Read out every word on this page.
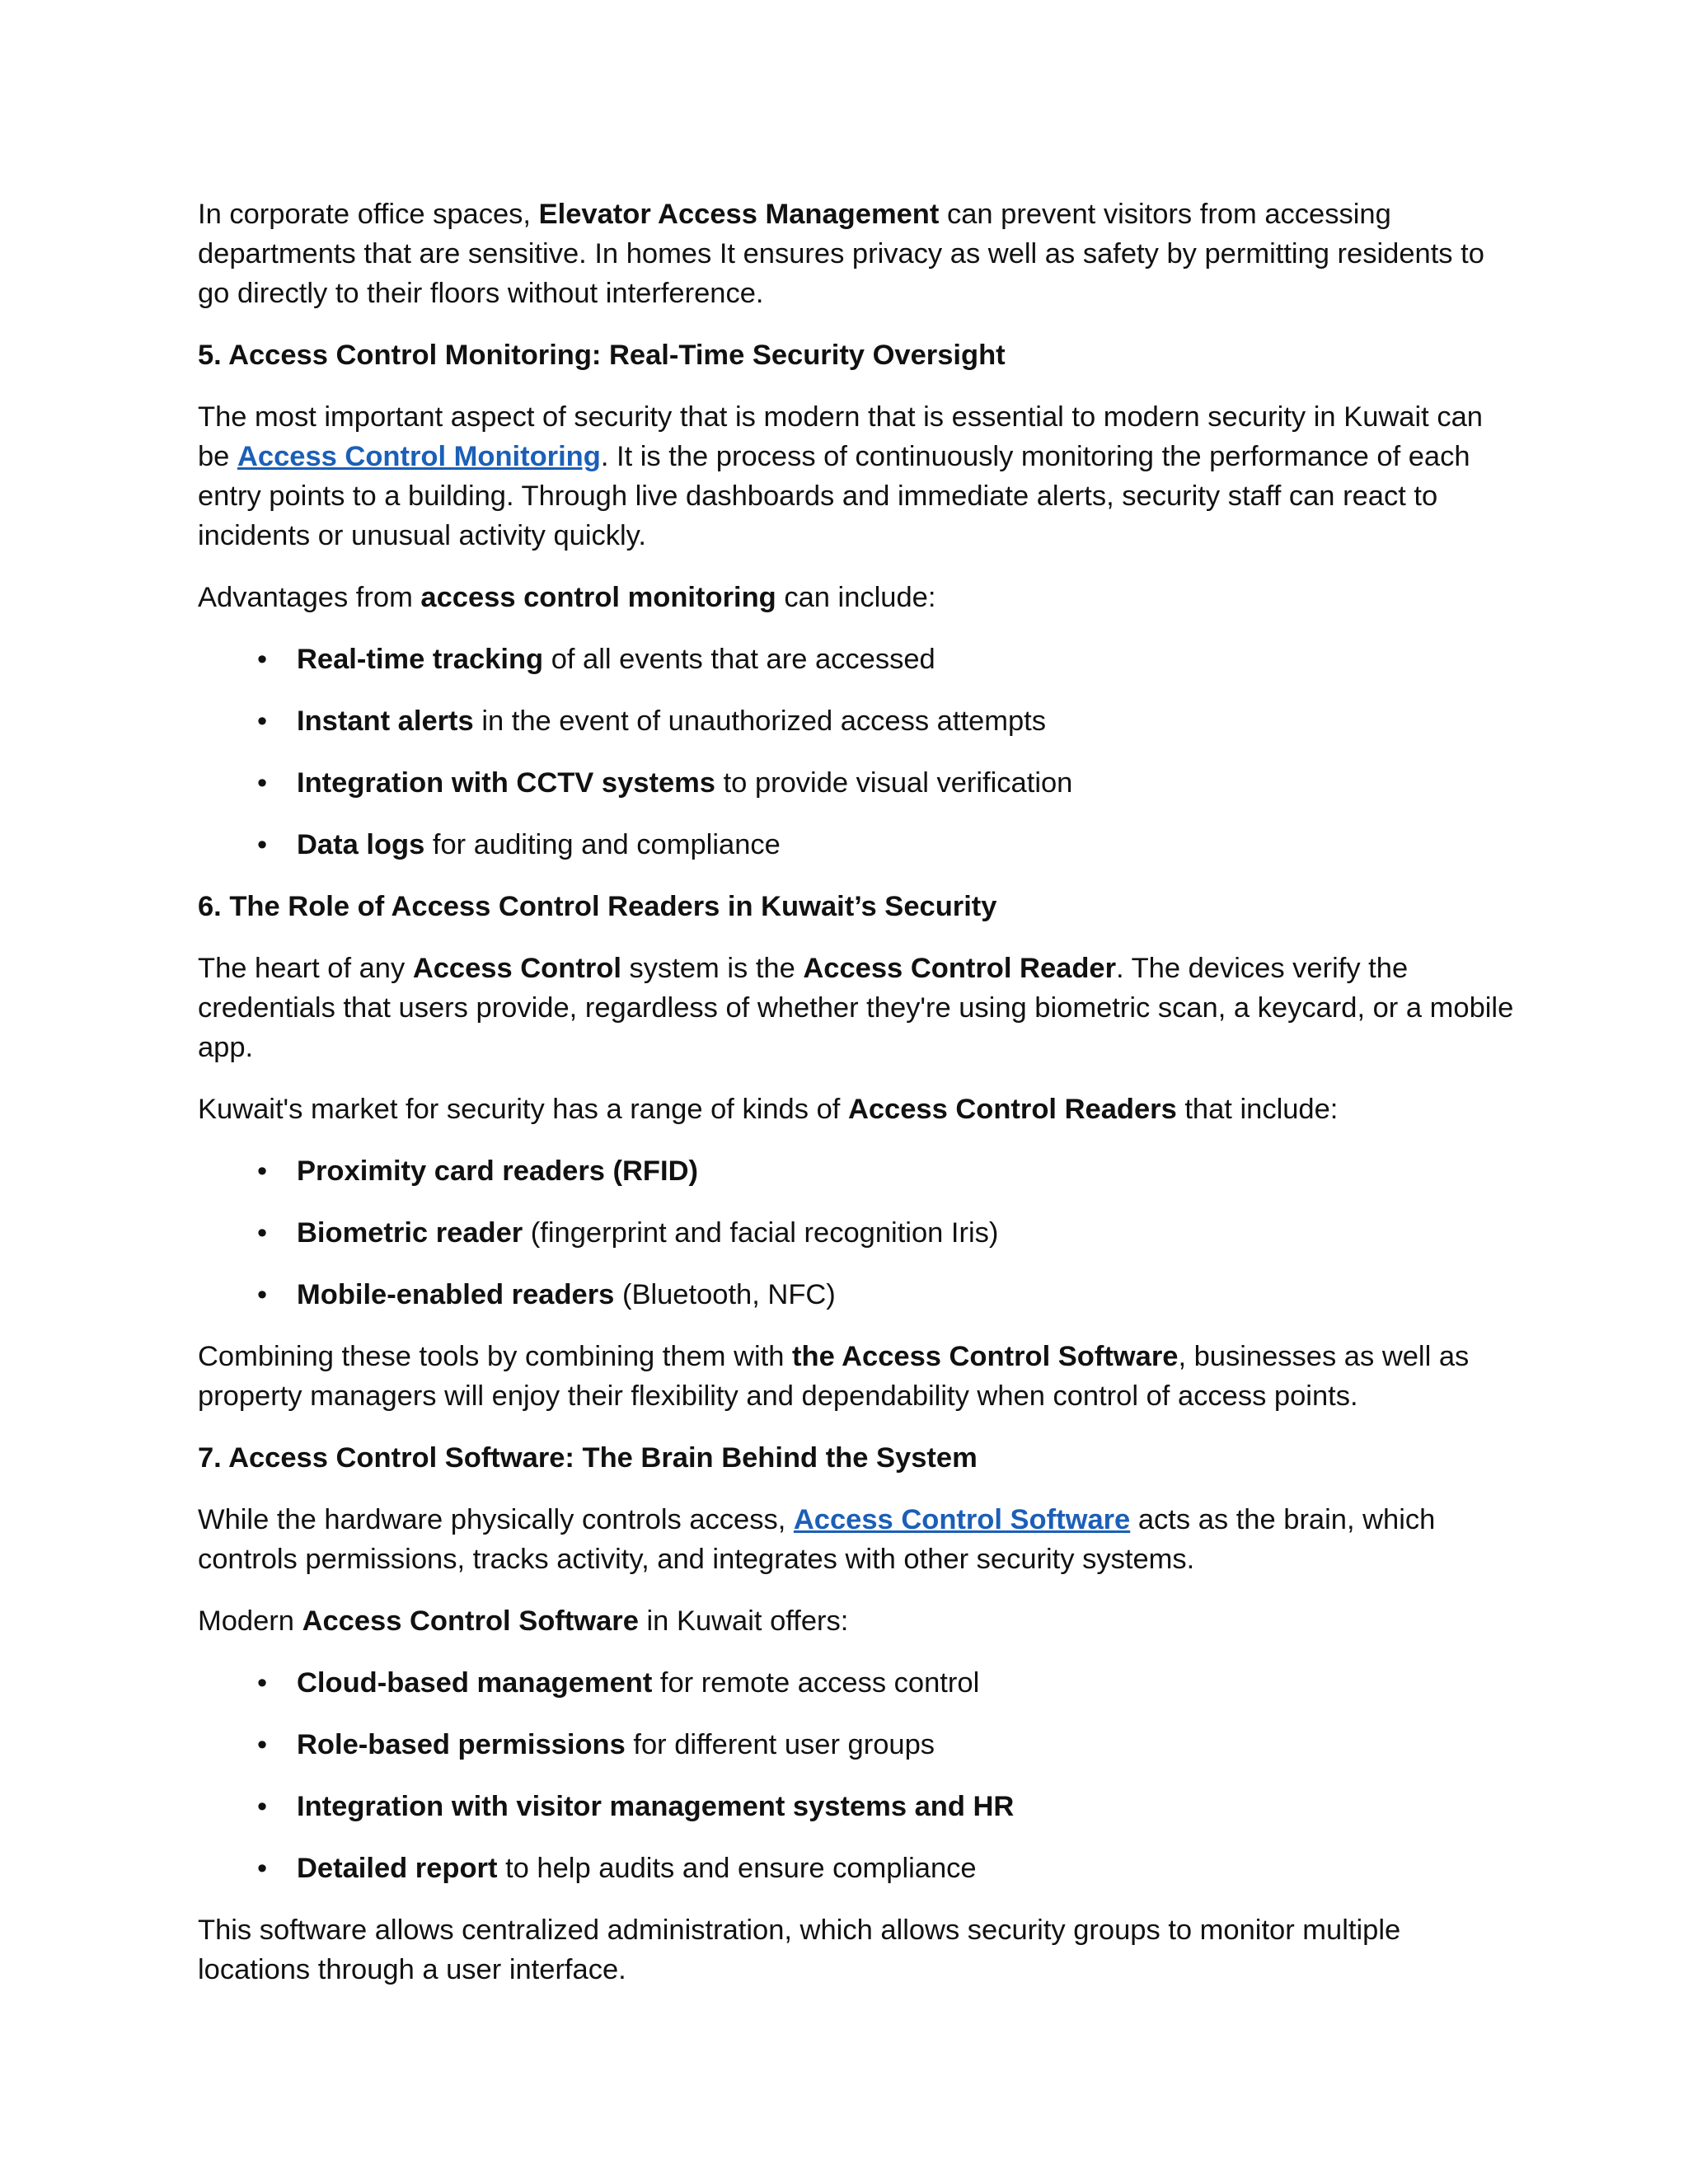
In corporate office spaces, Elevator Access Management can prevent visitors from accessing departments that are sensitive. In homes It ensures privacy as well as safety by permitting residents to go directly to their floors without interference.

5. Access Control Monitoring: Real-Time Security Oversight

The most important aspect of security that is modern that is essential to modern security in Kuwait can be Access Control Monitoring. It is the process of continuously monitoring the performance of each entry points to a building. Through live dashboards and immediate alerts, security staff can react to incidents or unusual activity quickly.

Advantages from access control monitoring can include:

•	Real-time tracking of all events that are accessed
•	Instant alerts in the event of unauthorized access attempts
•	Integration with CCTV systems to provide visual verification
•	Data logs for auditing and compliance
6. The Role of Access Control Readers in Kuwait’s Security

The heart of any Access Control system is the Access Control Reader. The devices verify the credentials that users provide, regardless of whether they're using biometric scan, a keycard, or a mobile app.

Kuwait's market for security has a range of kinds of Access Control Readers that include:

•	Proximity card readers (RFID)
•	Biometric reader (fingerprint and facial recognition Iris)
•	Mobile-enabled readers (Bluetooth, NFC)

Combining these tools by combining them with the Access Control Software, businesses as well as property managers will enjoy their flexibility and dependability when control of access points.

7. Access Control Software: The Brain Behind the System

While the hardware physically controls access, Access Control Software acts as the brain, which controls permissions, tracks activity, and integrates with other security systems.

Modern Access Control Software in Kuwait offers:

•	Cloud-based management for remote access control
•	Role-based permissions for different user groups
•	Integration with visitor management systems and HR
•	Detailed report to help audits and ensure compliance

This software allows centralized administration, which allows security groups to monitor multiple locations through a user interface.
